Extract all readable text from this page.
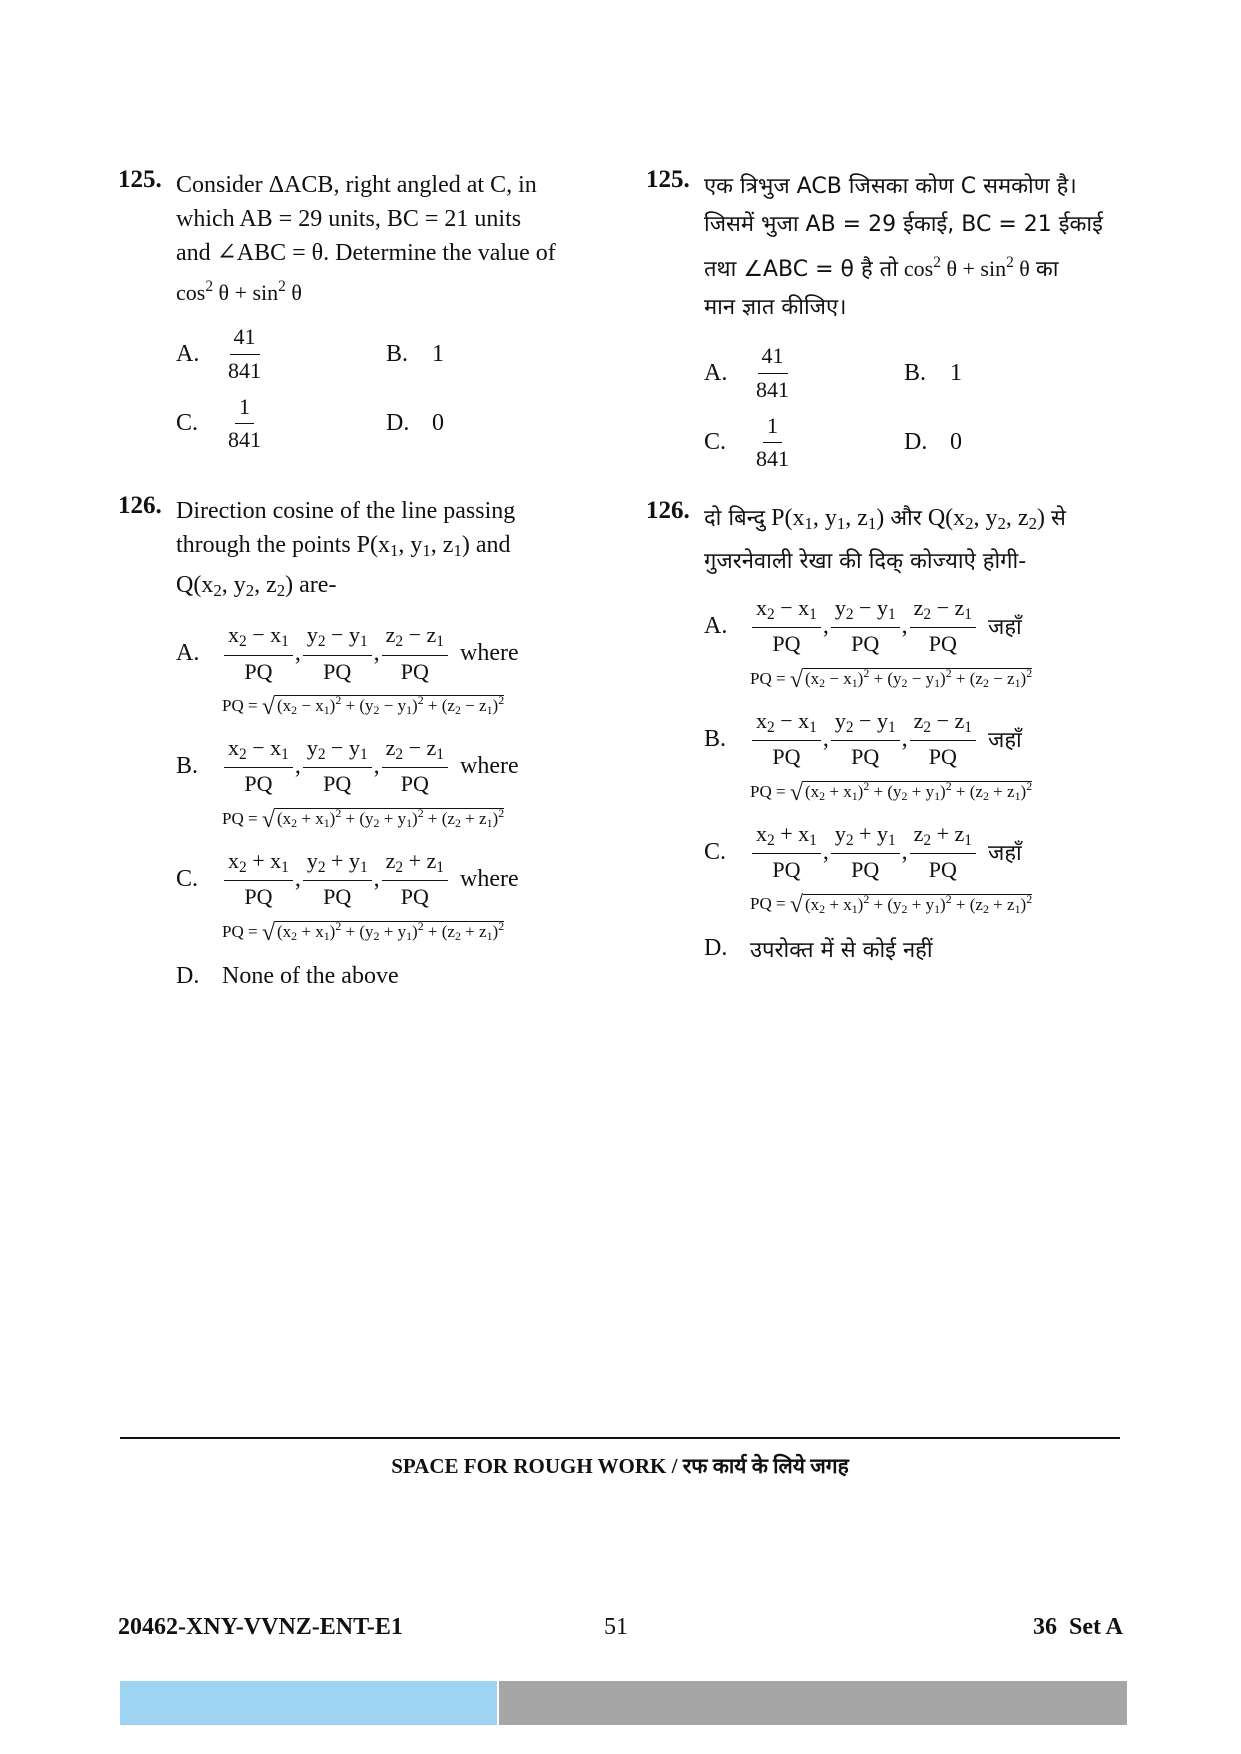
125. Consider ΔACB, right angled at C, in
which AB = 29 units, BC = 21 units
and ∠ABC = θ. Determine the value of
$\cos^2 \theta + \sin^2 \theta$
A.	$\frac{41}{841}$	B. 1
C.	$\frac{1}{841}$	D. 0
126. Direction cosine of the line passing
through the points $P(x_1$, $y_1$, $z_1$) and
$Q(x_2$, $y_2$, $z_2$) are-
A.	$\frac{x_2 - x_1}{PQ}$ , $\frac{y_2 - y_1}{PQ}$ , $\frac{z_2 - z_1}{PQ}$ where
PQ = √ $(x_2 - x_1)^2 + (y_2 - y_1)^2 + (z_2 - z_1)^2$
B.	$\frac{x_2 - x_1}{PQ}$ , $\frac{y_2 - y_1}{PQ}$ , $\frac{z_2 - z_1}{PQ}$ where
PQ = √ $(x_2 + x_1)^2 + (y_2 + y_1)^2 + (z_2 + z_1)^2$
C.	$\frac{x_2 + x_1}{PQ}$ , $\frac{y_2 + y_1}{PQ}$ , $\frac{z_2 + z_1}{PQ}$ where
PQ = √ $(x_2 + x_1)^2 + (y_2 + y_1)^2 + (z_2 + z_1)^2$
D. None of the above
125. एक त्रिभुज ACB जिसका कोण C समकोण है।
जिसमें भुजा AB = 29 ईकाई, BC = 21 ईकाई
तथा ∠ABC = θ है तो $\cos^2 \theta + \sin^2 \theta$ का
मान ज्ञात कीजिए।
A.	$\frac{41}{841}$	B. 1
C.	$\frac{1}{841}$	D. 0
126. दो बिन्दु $P(x_1$, $y_1$, $z_1$) और $Q(x_2$, $y_2$, $z_2$) से
गुजरनेवाली रेखा की दिक् कोज्याऐ होगी-
A.	$\frac{x_2 - x_1}{PQ}$ , $\frac{y_2 - y_1}{PQ}$ , $\frac{z_2 - z_1}{PQ}$ जहाँ
PQ = √ $(x_2 - x_1)^2 + (y_2 - y_1)^2 + (z_2 - z_1)^2$
B.	$\frac{x_2 - x_1}{PQ}$ , $\frac{y_2 - y_1}{PQ}$ , $\frac{z_2 - z_1}{PQ}$ जहाँ
PQ = √ $(x_2 + x_1)^2 + (y_2 + y_1)^2 + (z_2 + z_1)^2$
C.	$\frac{x_2 + x_1}{PQ}$ , $\frac{y_2 + y_1}{PQ}$ , $\frac{z_2 + z_1}{PQ}$ जहाँ
PQ = √ $(x_2 + x_1)^2 + (y_2 + y_1)^2 + (z_2 + z_1)^2$
D.	उपरोक्त में से कोई नहीं
SPACE FOR ROUGH WORK / रफ कार्य के लिये जगह
20462-XNY-VVNZ-ENT-E1	51	36  Set A
